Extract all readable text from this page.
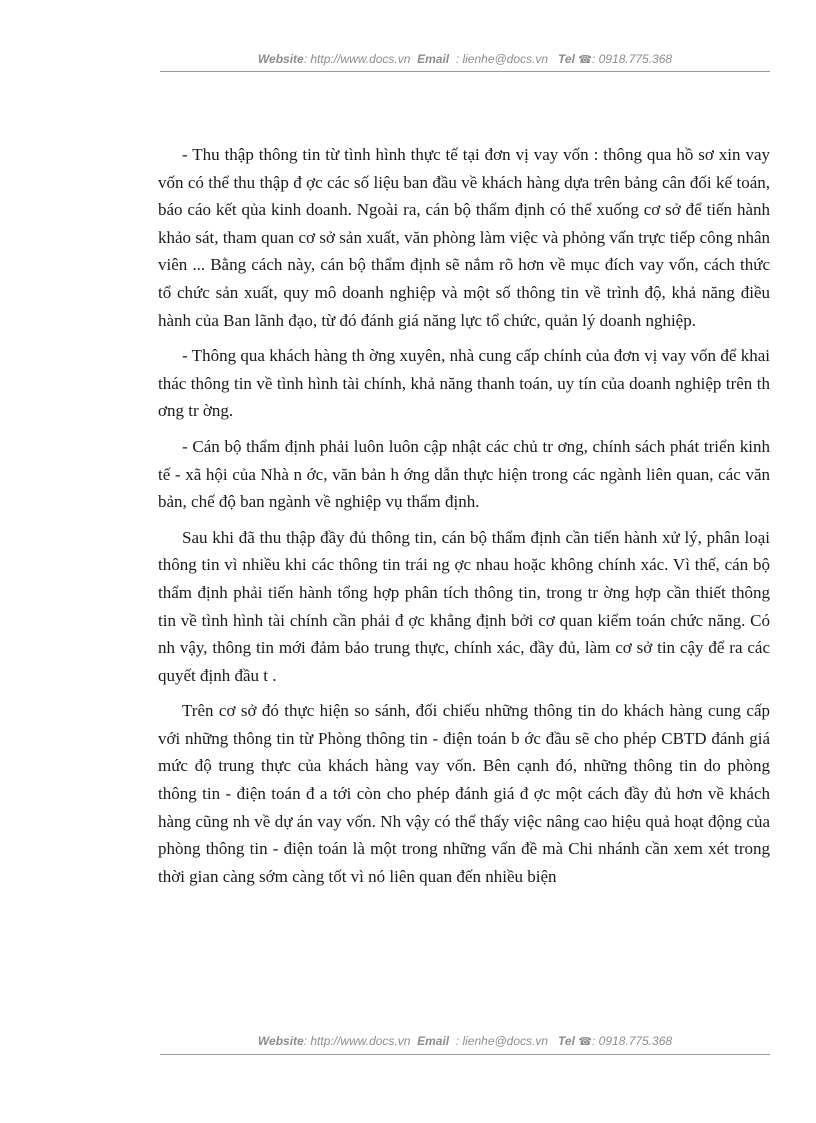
Website: http://www.docs.vn Email : lienhe@docs.vn Tel ☎: 0918.775.368

- Thu thập thông tin từ tình hình thực tế tại đơn vị vay vốn : thông qua hồ sơ xin vay vốn có thể thu thập đ ợc các số liệu ban đầu về khách hàng dựa trên bảng cân đối kế toán, báo cáo kết qủa kinh doanh. Ngoài ra, cán bộ thẩm định có thể xuống cơ sở để tiến hành khảo sát, tham quan cơ sở sản xuất, văn phòng làm việc và phỏng vấn trực tiếp công nhân viên ... Bằng cách này, cán bộ thẩm định sẽ nắm rõ hơn về mục đích vay vốn, cách thức tổ chức sản xuất, quy mô doanh nghiệp và một số thông tin về trình độ, khả năng điều hành của Ban lãnh đạo, từ đó đánh giá năng lực tổ chức, quản lý doanh nghiệp.

- Thông qua khách hàng th ờng xuyên, nhà cung cấp chính của đơn vị vay vốn để khai thác thông tin về tình hình tài chính, khả năng thanh toán, uy tín của doanh nghiệp trên th ơng tr ờng.

- Cán bộ thẩm định phải luôn luôn cập nhật các chủ tr ơng, chính sách phát triển kinh tế - xã hội của Nhà n ớc, văn bản h ớng dẫn thực hiện trong các ngành liên quan, các văn bản, chế độ ban ngành về nghiệp vụ thẩm định.

Sau khi đã thu thập đầy đủ thông tin, cán bộ thẩm định cần tiến hành xử lý, phân loại thông tin vì nhiều khi các thông tin trái ng ợc nhau hoặc không chính xác. Vì thế, cán bộ thẩm định phải tiến hành tổng hợp phân tích thông tin, trong tr ờng hợp cần thiết thông tin về tình hình tài chính cần phải đ ợc khẳng định bởi cơ quan kiểm toán chức năng. Có nh vậy, thông tin mới đảm bảo trung thực, chính xác, đầy đủ, làm cơ sở tin cậy để ra các quyết định đầu t .

Trên cơ sở đó thực hiện so sánh, đối chiếu những thông tin do khách hàng cung cấp với những thông tin từ Phòng thông tin - điện toán b ớc đầu sẽ cho phép CBTD đánh giá mức độ trung thực của khách hàng vay vốn. Bên cạnh đó, những thông tin do phòng thông tin - điện toán đ a tới còn cho phép đánh giá đ ợc một cách đầy đủ hơn về khách hàng cũng nh về dự án vay vốn. Nh vậy có thể thấy việc nâng cao hiệu quả hoạt động của phòng thông tin - điện toán là một trong những vấn đề mà Chi nhánh cần xem xét trong thời gian càng sớm càng tốt vì nó liên quan đến nhiều biện

Website: http://www.docs.vn Email : lienhe@docs.vn Tel ☎: 0918.775.368
